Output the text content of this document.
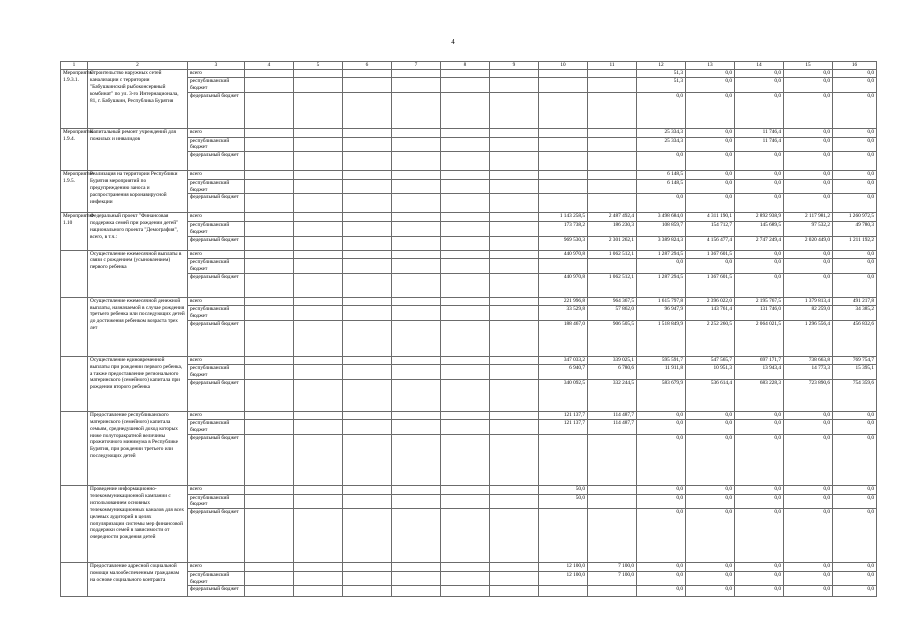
4
1	2	3	4	5	6	7	8	9	10	11	12	13	14	15	16
Мероприятие 1.9.3.1.	Строительство наружных сетей канализации с территории "Бабушкинский рыбоконсервный комбинат" по ул. 3-го Интернационала, 81, г. Бабушкин, Республика Бурятия	всего									51,3	0,0	0,0	0,0	0,0
		республиканский бюджет									51,3	0,0	0,0	0,0	0,0
		федеральный бюджет									0,0	0,0	0,0	0,0	0,0
Мероприятие 1.9.4.	Капитальный ремонт учреждений для пожилых и инвалидов	всего									25 334,3	0,0	11 746,4	0,0	0,0
		республиканский бюджет									25 334,3	0,0	11 746,4	0,0	0,0
		федеральный бюджет									0,0	0,0	0,0	0,0	0,0
Мероприятие 1.9.5.	Реализация на территории Республики Бурятия мероприятий по предупреждению заноса и распространения коронавирусной инфекции	всего									6 148,5	0,0	0,0	0,0	0,0
		республиканский бюджет									6 148,5	0,0	0,0	0,0	0,0
		федеральный бюджет									0,0	0,0	0,0	0,0	0,0
Мероприятие 1.10	Федеральный проект "Финансовая поддержка семей при рождении детей" национального проекта "Демография", всего, в т.ч.:	всего							1 143 258,5	2 487 492,4	3 498 684,0	4 311 190,1	2 892 938,9	2 117 981,2	1 260 972,5
		республиканский бюджет							173 738,2	186 230,3	108 859,7	154 712,7	145 689,5	97 532,2	49 780,3
		федеральный бюджет							969 530,3	2 301 262,1	3 389 824,3	4 156 477,4	2 747 249,4	2 020 449,0	1 211 192,2
	Осуществление ежемесячной выплаты в связи с рождением (усыновлением) первого ребенка	всего							440 970,8	1 062 512,1	1 287 294,5	1 367 601,5	0,0	0,0	0,0
		республиканский бюджет									0,0	0,0	0,0	0,0	0,0
		федеральный бюджет							440 970,8	1 062 512,1	1 287 294,5	1 367 601,5	0,0	0,0	0,0
	Осуществление ежемесячной денежной выплаты, назначаемой в случае рождения третьего ребенка или последующих детей до достижения ребенком возраста трех лет	всего							221 996,8	964 367,5	1 615 797,8	2 396 022,0	2 195 767,5	1 379 813,4	491 217,8
		республиканский бюджет							33 529,8	57 862,0	96 947,9	143 761,4	131 746,0	82 259,0	34 385,2
		федеральный бюджет							188 467,0	906 505,5	1 518 849,9	2 252 260,5	2 064 021,5	1 296 556,4	456 832,6
	Осуществление единовременной выплаты при рождении первого ребенка, а также предоставление регионального материнского (семейного) капитала при рождении второго ребенка	всего							347 033,2	339 025,1	595 591,7	547 565,7	697 171,7	738 663,8	769 754,7
		республиканский бюджет							6 940,7	6 780,6	11 911,8	10 951,3	13 943,4	14 773,3	15 395,1
		федеральный бюджет							340 092,5	332 244,5	583 679,9	536 614,4	683 228,3	723 890,6	754 359,6
	Предоставление республиканского материнского (семейного) капитала семьям, среднедушевой доход которых ниже полуторакратной величины прожиточного минимума в Республике Бурятия, при рождении третьего или последующих детей	всего							121 137,7	114 487,7	0,0	0,0	0,0	0,0	0,0
		республиканский бюджет							121 137,7	114 487,7	0,0	0,0	0,0	0,0	0,0
		федеральный бюджет									0,0	0,0	0,0	0,0	0,0
	Проведение информационно-телекоммуникационной кампании с использованием основных телекоммуникационных каналов для всех целевых аудиторий в целях популяризации системы мер финансовой поддержки семей в зависимости от очередности рождения детей	всего							50,0		0,0	0,0	0,0	0,0	0,0
		республиканский бюджет							50,0		0,0	0,0	0,0	0,0	0,0
		федеральный бюджет									0,0	0,0	0,0	0,0	0,0
	Предоставление адресной социальной помощи малообеспеченным гражданам на основе социального контракта	всего							12 100,0	7 100,0	0,0	0,0	0,0	0,0	0,0
		республиканский бюджет							12 100,0	7 100,0	0,0	0,0	0,0	0,0	0,0
		федеральный бюджет									0,0	0,0	0,0	0,0	0,0
